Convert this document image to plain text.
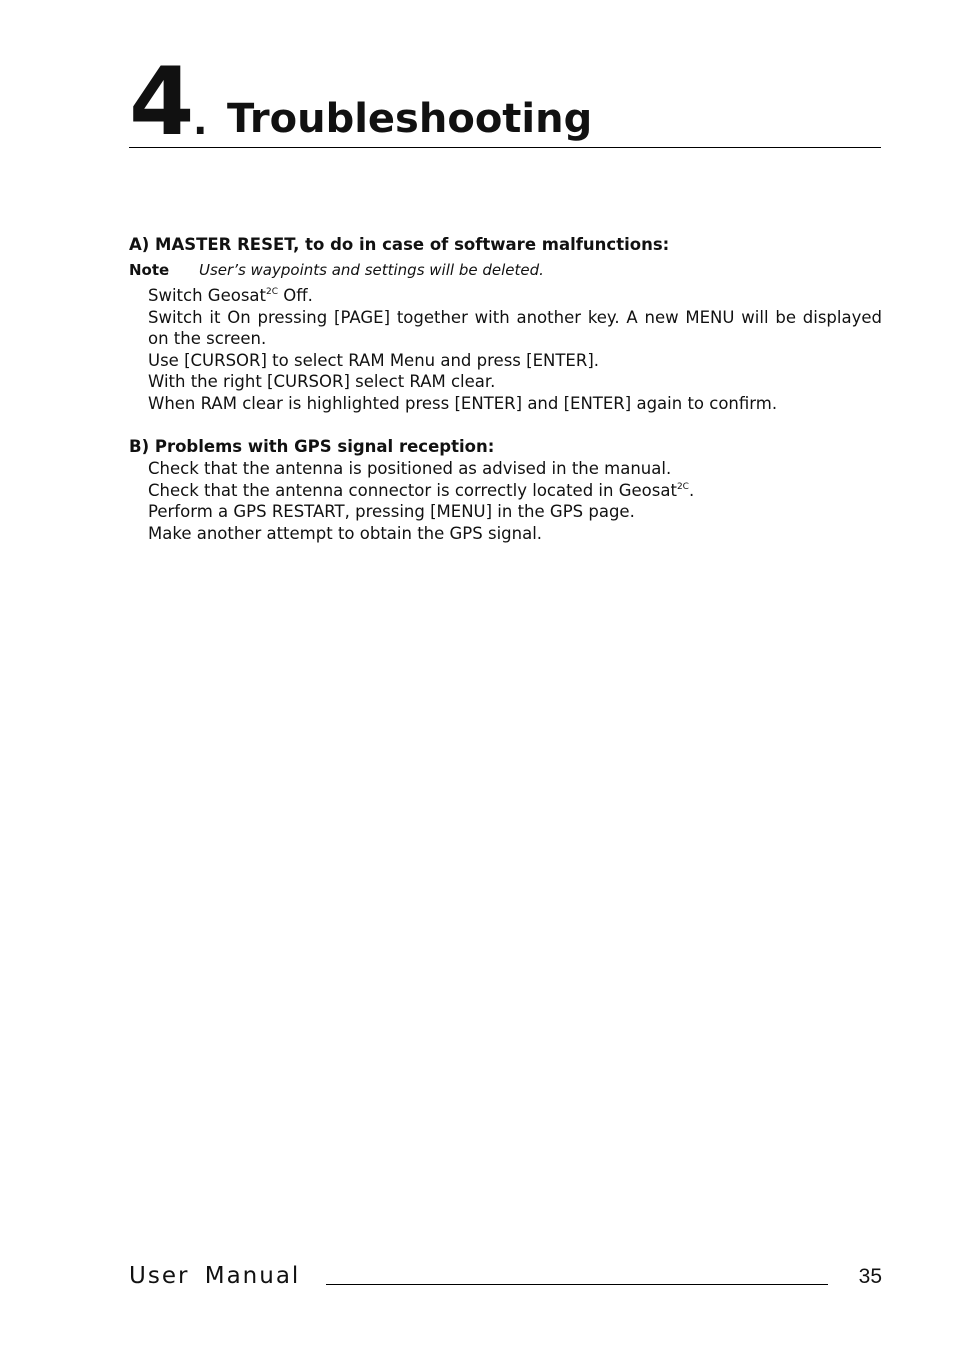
4 . Troubleshooting
A) MASTER RESET, to do in case of software malfunctions:
Note User’s waypoints and settings will be deleted.
Switch Geosat$^{2C}$ Off.
Switch it On pressing [PAGE] together with another key. A new MENU will be displayed on the screen.
Use [CURSOR] to select RAM Menu and press [ENTER].
With the right [CURSOR] select RAM clear.
When RAM clear is highlighted press [ENTER] and [ENTER] again to confirm.
B) Problems with GPS signal reception:
Check that the antenna is positioned as advised in the manual.
Check that the antenna connector is correctly located in Geosat$^{2C}$.
Perform a GPS RESTART, pressing [MENU] in the GPS page.
Make another attempt to obtain the GPS signal.
User Manual	35
